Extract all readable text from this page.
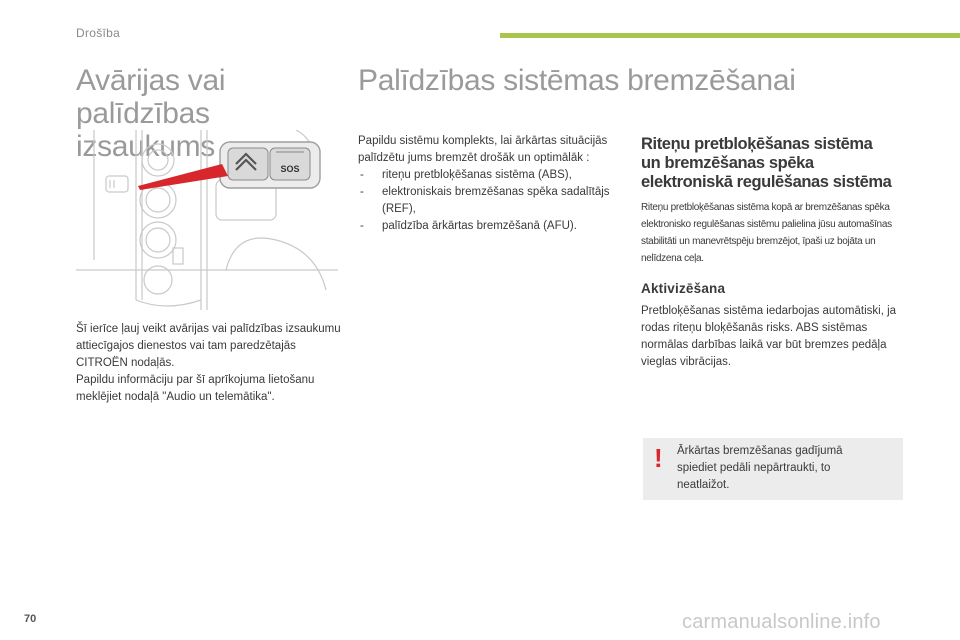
Drošība
Avārijas vai
palīdzības izsaukums
Palīdzības sistēmas bremzēšanai
SOS

Šī ierīce ļauj veikt avārijas vai palīdzības izsaukumu attiecīgajos dienestos vai tam paredzētajās CITROËN nodaļās.

Papildu informāciju par šī aprīkojuma lietošanu meklējiet nodaļā "Audio un telemātika".

Papildu sistēmu komplekts, lai ārkārtas situācijās palīdzētu jums bremzēt drošāk un optimālāk :

- riteņu pretbloķēšanas sistēma (ABS),
- elektroniskais bremzēšanas spēka sadalītājs (REF),
- palīdzība ārkārtas bremzēšanā (AFU).
Riteņu pretbloķēšanas sistēma
un bremzēšanas spēka
elektroniskā regulēšanas sistēma
Riteņu pretbloķēšanas sistēma kopā ar bremzēšanas spēka elektronisko regulēšanas sistēmu palielina jūsu automašīnas stabilitāti un manevrētspēju bremzējot, īpaši uz bojāta un nelīdzena ceļa.
Aktivizēšana
Pretbloķēšanas sistēma iedarbojas automātiski, ja rodas riteņu bloķēšanās risks. ABS sistēmas normālas darbības laikā var būt bremzes pedāļa vieglas vibrācijas.
! Ārkārtas bremzēšanas gadījumā spiediet pedāli nepārtraukti, to neatlaižot.
70	carmanualsonline.info
